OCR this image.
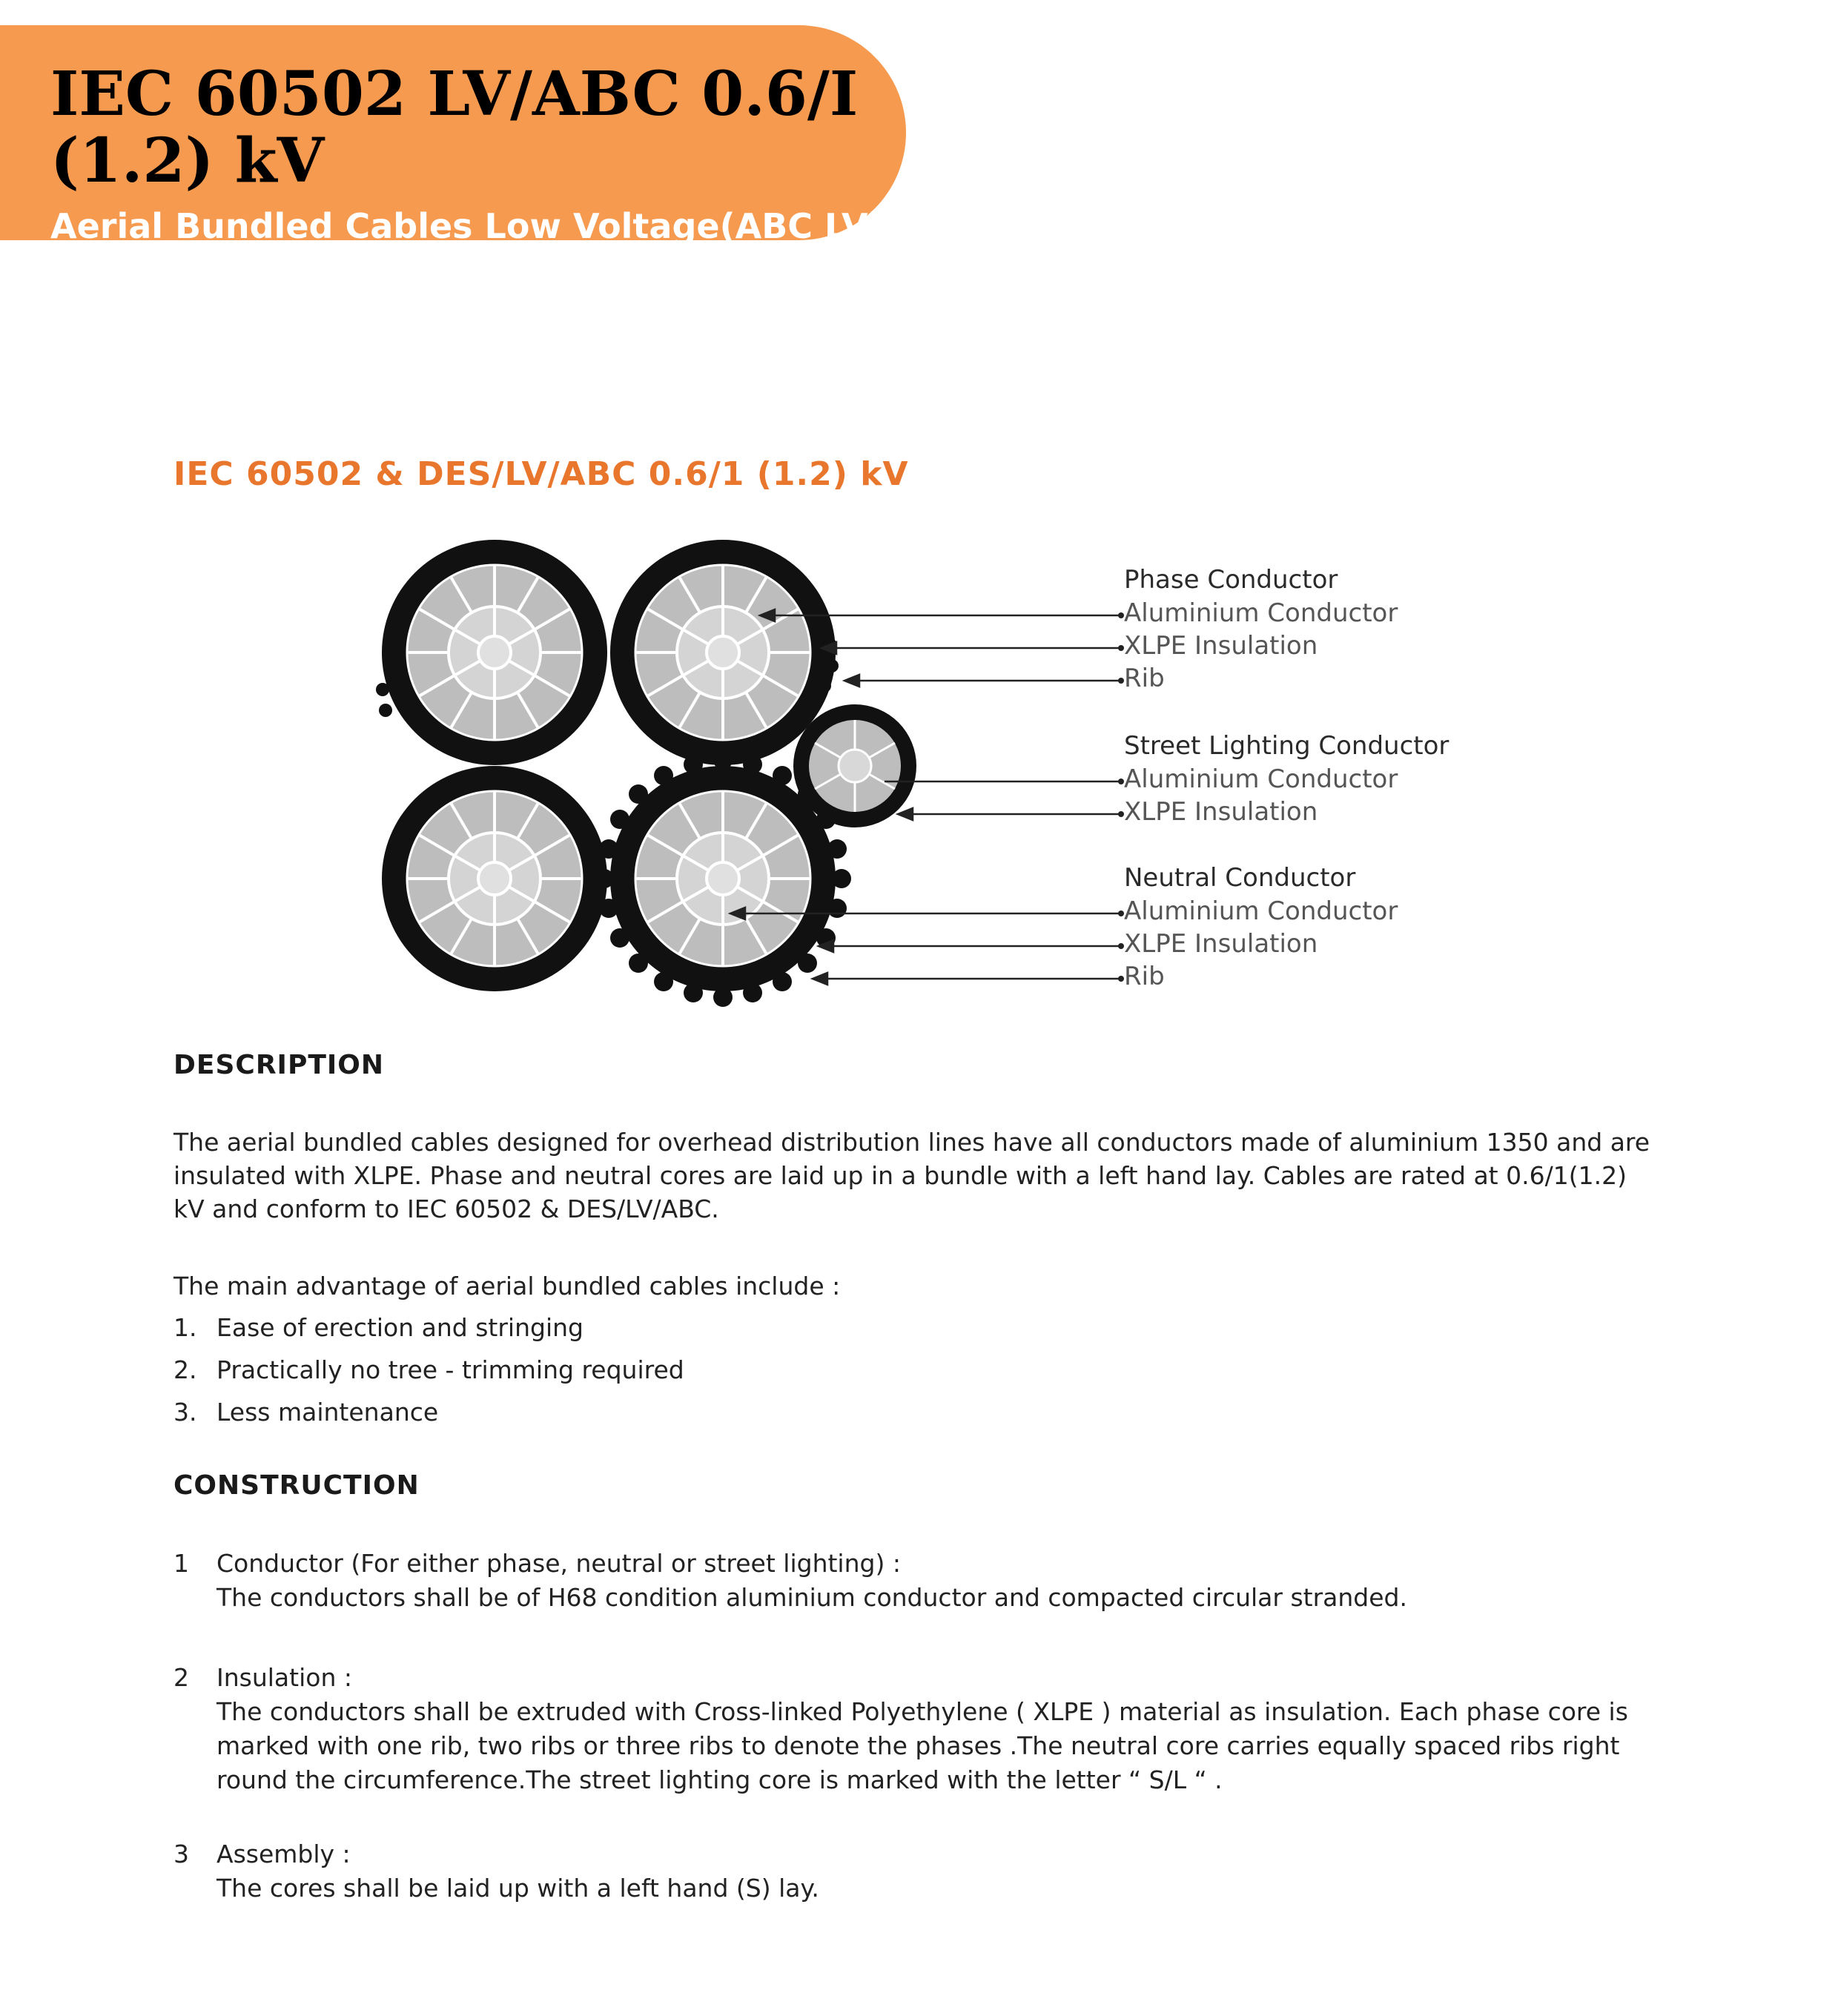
IEC 60502 LV/ABC 0.6/I (1.2) kV
Aerial Bundled Cables Low Voltage(ABC LV)
IEC 60502 & DES/LV/ABC 0.6/1 (1.2) kV
Phase Conductor
Aluminium Conductor
XLPE Insulation
Rib
Street Lighting Conductor
Aluminium Conductor
XLPE Insulation
Neutral Conductor
Aluminium Conductor
XLPE Insulation
Rib
DESCRIPTION
The aerial bundled cables designed for overhead distribution lines have all conductors made of aluminium 1350 and are insulated with XLPE. Phase and neutral cores are laid up in a bundle with a left hand lay. Cables are rated at 0.6/1(1.2) kV and conform to IEC 60502 & DES/LV/ABC.
The main advantage of aerial bundled cables include :
1. Ease of erection and stringing
2. Practically no tree - trimming required
3. Less maintenance
CONSTRUCTION
1 Conductor (For either phase, neutral or street lighting) :
The conductors shall be of H68 condition aluminium conductor and compacted circular stranded.
2 Insulation :
The conductors shall be extruded with Cross-linked Polyethylene ( XLPE ) material as insulation. Each phase core is marked with one rib, two ribs or three ribs to denote the phases .The neutral core carries equally spaced ribs right round the circumference.The street lighting core is marked with the letter “ S/L “ .
3 Assembly :
The cores shall be laid up with a left hand (S) lay.
